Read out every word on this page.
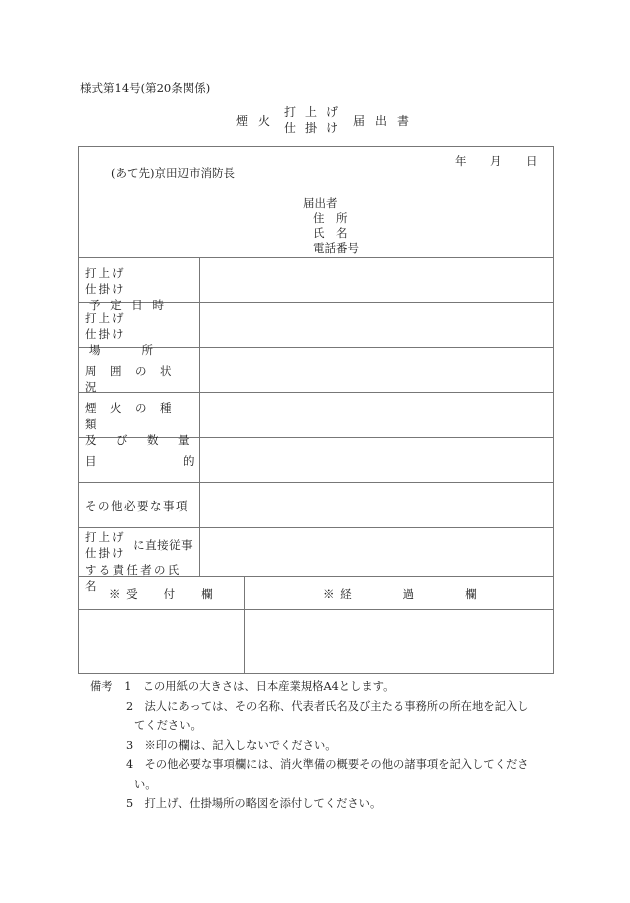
様式第14号(第20条関係)
煙火
打上げ
仕掛け
届出書
年 月 日
(あて先)京田辺市消防長
届出者
住　所
氏　名
電話番号
打上げ
仕掛け 予 定 日 時
打上げ
仕掛け 場　　所
周　囲　の　状　況
煙　火　の　種　類
及　び　数　量
目	的
その他必要な事項
打上げ
仕掛け に直接従事
する責任者の氏名
※ 受　　付　　欄	※ 経　　　　過　　　　欄
備考 1　この用紙の大きさは、日本産業規格A4とします。
2　法人にあっては、その名称、代表者氏名及び主たる事務所の所在地を記入し
てください。
3　※印の欄は、記入しないでください。
4　その他必要な事項欄には、消火準備の概要その他の諸事項を記入してくださ
い。
5　打上げ、仕掛場所の略図を添付してください。
